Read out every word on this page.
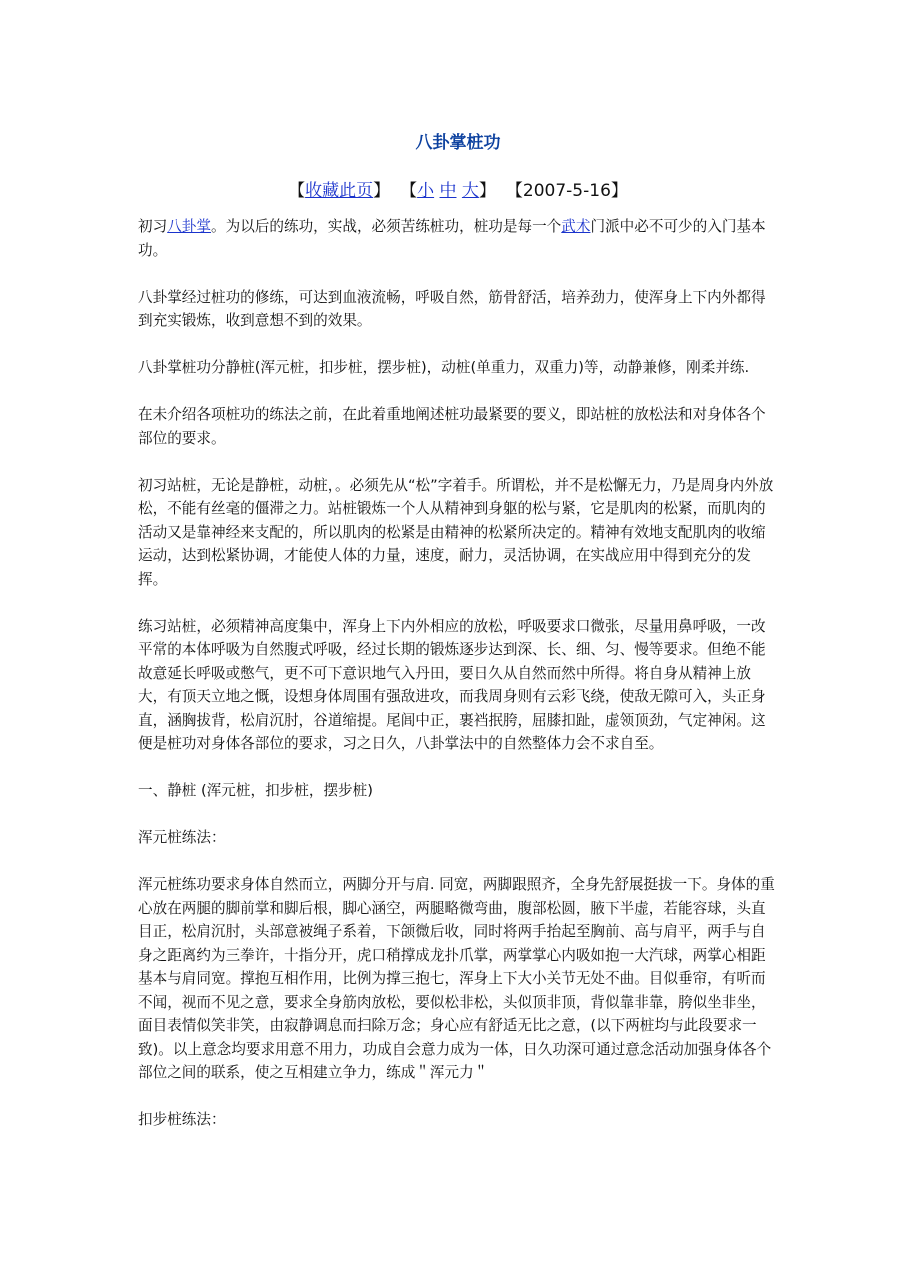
八卦掌桩功
【收藏此页】 【小 中 大】 【2007-5-16】

初习八卦掌。为以后的练功，实战，必须苦练桩功，桩功是每一个武术门派中必不可少的入门基本功。

八卦掌经过桩功的修练，可达到血液流畅，呼吸自然，筋骨舒活，培养劲力，使浑身上下内外都得到充实锻炼，收到意想不到的效果。

八卦掌桩功分静桩(浑元桩，扣步桩，摆步桩)，动桩(单重力，双重力)等，动静兼修，刚柔并练.

在未介绍各项桩功的练法之前，在此着重地阐述桩功最紧要的要义，即站桩的放松法和对身体各个部位的要求。

初习站桩，无论是静桩，动桩，。必须先从“松”字着手。所谓松，并不是松懈无力，乃是周身内外放松，不能有丝毫的僵滞之力。站桩锻炼一个人从精神到身躯的松与紧，它是肌肉的松紧，而肌肉的活动又是靠神经来支配的，所以肌肉的松紧是由精神的松紧所决定的。精神有效地支配肌肉的收缩运动，达到松紧协调，才能使人体的力量，速度，耐力，灵活协调，在实战应用中得到充分的发挥。

练习站桩，必须精神高度集中，浑身上下内外相应的放松，呼吸要求口微张，尽量用鼻呼吸，一改平常的本体呼吸为自然腹式呼吸，经过长期的锻炼逐步达到深、长、细、匀、慢等要求。但绝不能故意延长呼吸或憋气，更不可下意识地气入丹田，要日久从自然而然中所得。将自身从精神上放大，有顶天立地之慨，设想身体周围有强敌进攻，而我周身则有云彩飞绕，使敌无隙可入，头正身直，涵胸拔背，松肩沉肘，谷道缩提。尾闾中正，裹裆抿胯，屈膝扣趾，虚领顶劲，气定神闲。这便是桩功对身体各部位的要求，习之日久，八卦掌法中的自然整体力会不求自至。

一、静桩 (浑元桩，扣步桩，摆步桩)

浑元桩练法：

浑元桩练功要求身体自然而立，两脚分开与肩. 同宽，两脚跟照齐，全身先舒展挺拔一下。身体的重心放在两腿的脚前掌和脚后根，脚心涵空，两腿略微弯曲，腹部松圆，腋下半虚，若能容球，头直目正，松肩沉肘，头部意被绳子系着，下颌微后收，同时将两手抬起至胸前、高与肩平，两手与自身之距离约为三拳许，十指分开，虎口稍撑成龙扑爪掌，两掌掌心内吸如抱一大汽球，两掌心相距基本与肩同宽。撑抱互相作用，比例为撑三抱七，浑身上下大小关节无处不曲。目似垂帘，有听而不闻，视而不见之意，要求全身筋肉放松，要似松非松，头似顶非顶，背似靠非靠，胯似坐非坐，面目表情似笑非笑，由寂静调息而扫除万念；身心应有舒适无比之意，(以下两桩均与此段要求一致)。以上意念均要求用意不用力，功成自会意力成为一体，日久功深可通过意念活动加强身体各个部位之间的联系，使之互相建立争力，练成＂浑元力＂

扣步桩练法：
